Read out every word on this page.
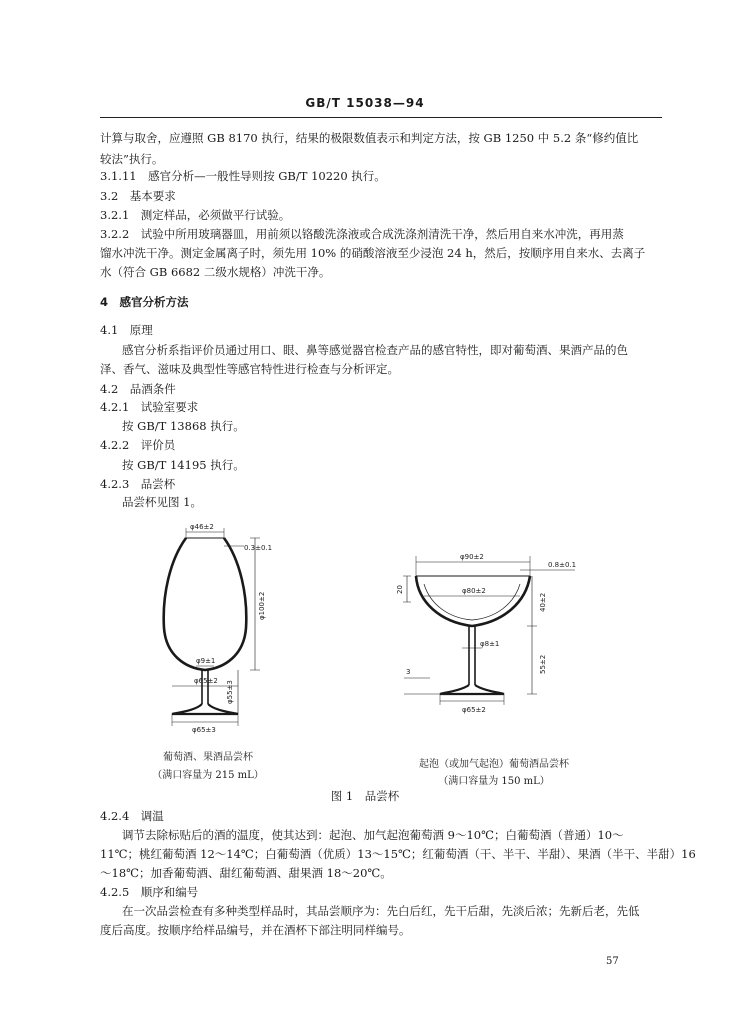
GB/T 15038—94
计算与取舍，应遵照 GB 8170 执行，结果的极限数值表示和判定方法，按 GB 1250 中 5.2 条“修约值比
较法”执行。
3.1.11　感官分析—一般性导则按 GB/T 10220 执行。
3.2　基本要求
3.2.1　测定样品，必须做平行试验。
3.2.2　试验中所用玻璃器皿，用前须以铬酸洗涤液或合成洗涤剂清洗干净，然后用自来水冲洗，再用蒸
馏水冲洗干净。测定金属离子时，须先用 10% 的硝酸溶液至少浸泡 24 h，然后，按顺序用自来水、去离子
水（符合 GB 6682 二级水规格）冲洗干净。
4　感官分析方法
4.1　原理
感官分析系指评价员通过用口、眼、鼻等感觉器官检查产品的感官特性，即对葡萄酒、果酒产品的色
泽、香气、滋味及典型性等感官特性进行检查与分析评定。
4.2　品酒条件
4.2.1　试验室要求
按 GB/T 13868 执行。
4.2.2　评价员
按 GB/T 14195 执行。
4.2.3　品尝杯
品尝杯见图 1。
φ46±2
0.3±0.1
φ100±2
φ9±1
φ65±2 φ55±3
φ65±3
φ90±2
0.8±0.1
20	φ80±2
40±2
φ8±1
3	55±2
φ65±2
葡萄酒、果酒品尝杯
（满口容量为 215 mL）
起泡（或加气起泡）葡萄酒品尝杯
（满口容量为 150 mL）
图 1　品尝杯
4.2.4　调温
调节去除标贴后的酒的温度，使其达到：起泡、加气起泡葡萄酒 9～10℃；白葡萄酒（普通）10～
11℃；桃红葡萄酒 12～14℃；白葡萄酒（优质）13～15℃；红葡萄酒（干、半干、半甜）、果酒（半干、半甜）16
～18℃；加香葡萄酒、甜红葡萄酒、甜果酒 18～20℃。
4.2.5　顺序和编号
在一次品尝检查有多种类型样品时，其品尝顺序为：先白后红，先干后甜，先淡后浓；先新后老，先低
度后高度。按顺序给样品编号，并在酒杯下部注明同样编号。
57
